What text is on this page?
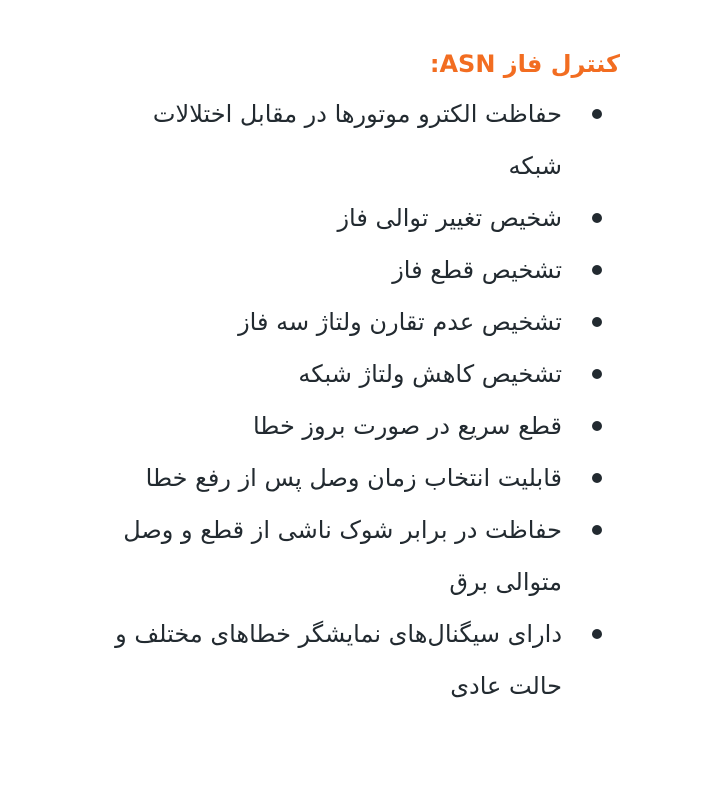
کنترل فاز ASN:
حفاظت الکترو موتورها در مقابل اختلالات شبکه
شخیص تغییر توالی فاز
تشخیص قطع فاز
تشخیص عدم تقارن ولتاژ سه فاز
تشخیص کاهش ولتاژ شبکه
قطع سریع در صورت بروز خطا
قابلیت انتخاب زمان وصل پس از رفع خطا
حفاظت در برابر شوک ناشی از قطع و وصل متوالی برق
دارای سیگنال‌های نمایشگر خطاهای مختلف و حالت عادی
